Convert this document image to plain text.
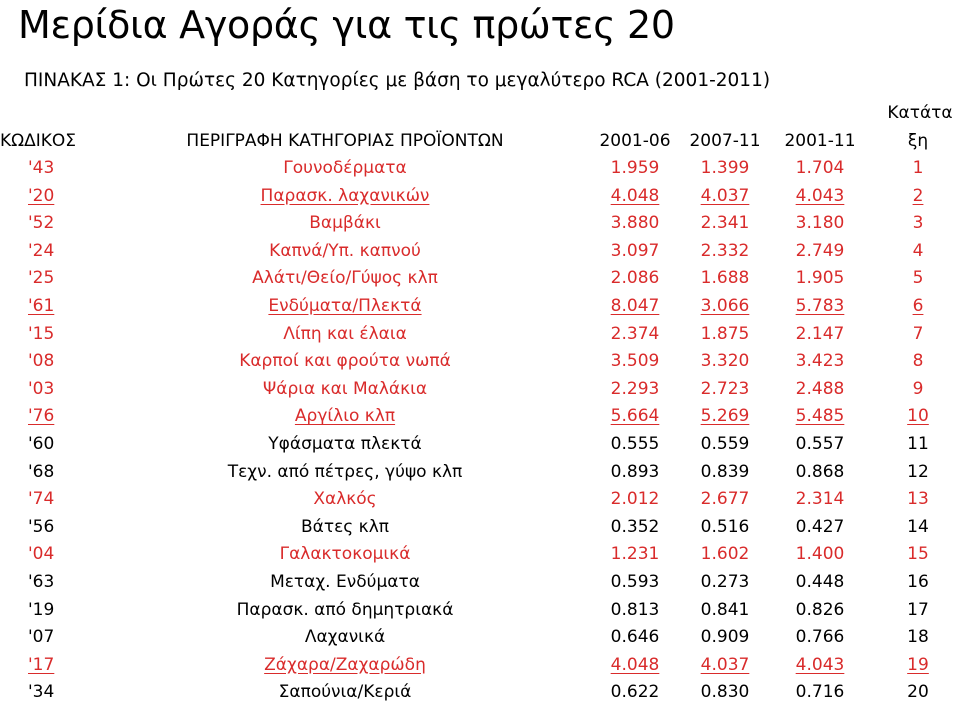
Μερίδια Αγοράς για τις πρώτες 20
ΠΙΝΑΚΑΣ 1: Οι Πρώτες 20 Κατηγορίες με βάση το μεγαλύτερο RCA (2001-2011)
Κατάτα
ΚΩΔΙΚΟΣ	ΠΕΡΙΓΡΑΦΗ ΚΑΤΗΓΟΡΙΑΣ ΠΡΟΪΟΝΤΩΝ	2001-06	2007-11	2001-11	ξη
'43	Γουνοδέρματα	1.959	1.399	1.704	1
'20	Παρασκ. λαχανικών	4.048	4.037	4.043	2
'52	Βαμβάκι	3.880	2.341	3.180	3
'24	Καπνά/Υπ. καπνού	3.097	2.332	2.749	4
'25	Αλάτι/Θείο/Γύψος κλπ	2.086	1.688	1.905	5
'61	Ενδύματα/Πλεκτά	8.047	3.066	5.783	6
'15	Λίπη και έλαια	2.374	1.875	2.147	7
'08	Καρποί και φρούτα νωπά	3.509	3.320	3.423	8
'03	Ψάρια και Μαλάκια	2.293	2.723	2.488	9
'76	Αργίλιο κλπ	5.664	5.269	5.485	10
'60	Υφάσματα πλεκτά	0.555	0.559	0.557	11
'68	Τεχν. από πέτρες, γύψο κλπ	0.893	0.839	0.868	12
'74	Χαλκός	2.012	2.677	2.314	13
'56	Βάτες κλπ	0.352	0.516	0.427	14
'04	Γαλακτοκομικά	1.231	1.602	1.400	15
'63	Μεταχ. Ενδύματα	0.593	0.273	0.448	16
'19	Παρασκ. από δημητριακά	0.813	0.841	0.826	17
'07	Λαχανικά	0.646	0.909	0.766	18
'17	Ζάχαρα/Ζαχαρώδη	4.048	4.037	4.043	19
'34	Σαπούνια/Κεριά	0.622	0.830	0.716	20
